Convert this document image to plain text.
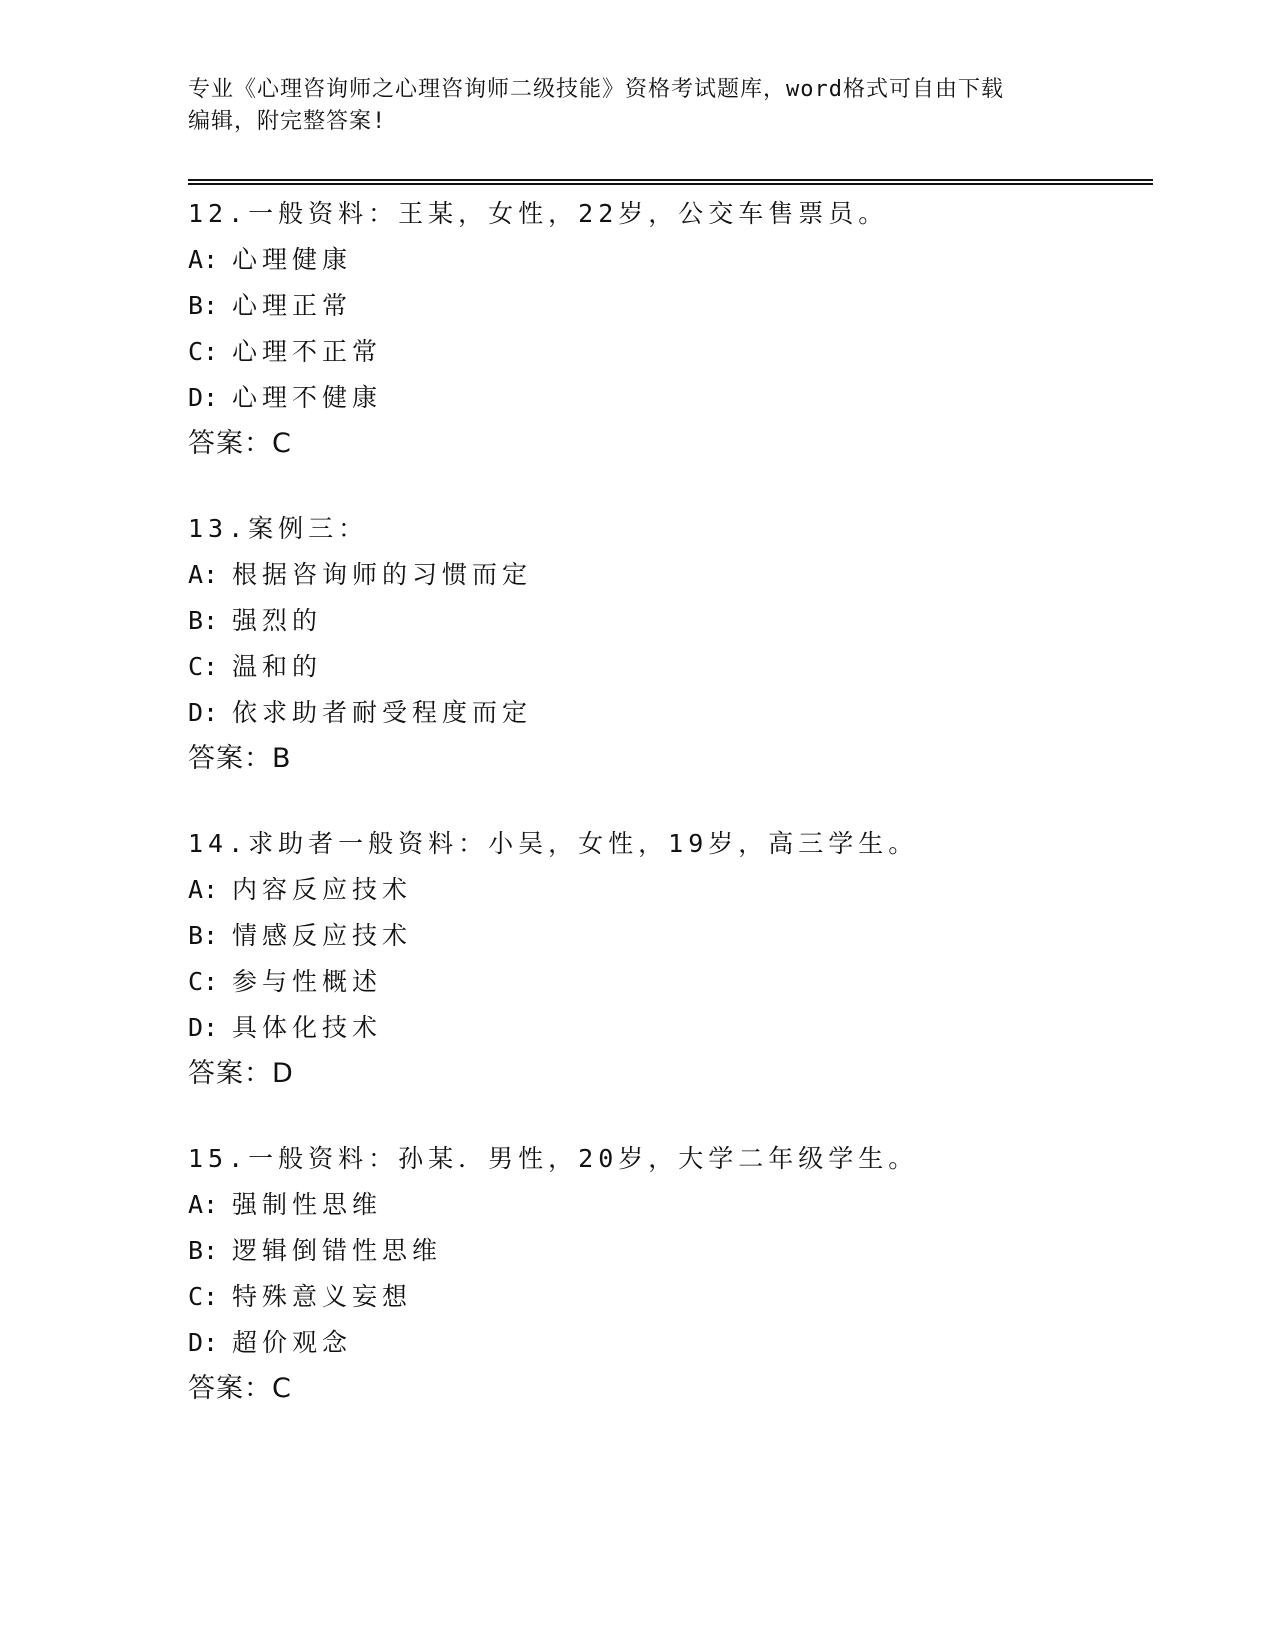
专业《心理咨询师之心理咨询师二级技能》资格考试题库，word格式可自由下载
编辑，附完整答案!
12.一般资料：王某，女性，22岁，公交车售票员。
A: 心理健康
B: 心理正常
C: 心理不正常
D: 心理不健康
答案：C
13.案例三：
A: 根据咨询师的习惯而定
B: 强烈的
C: 温和的
D: 依求助者耐受程度而定
答案：B
14.求助者一般资料：小吴，女性，19岁，高三学生。
A: 内容反应技术
B: 情感反应技术
C: 参与性概述
D: 具体化技术
答案：D
15.一般资料：孙某．男性，20岁，大学二年级学生。
A: 强制性思维
B: 逻辑倒错性思维
C: 特殊意义妄想
D: 超价观念
答案：C
